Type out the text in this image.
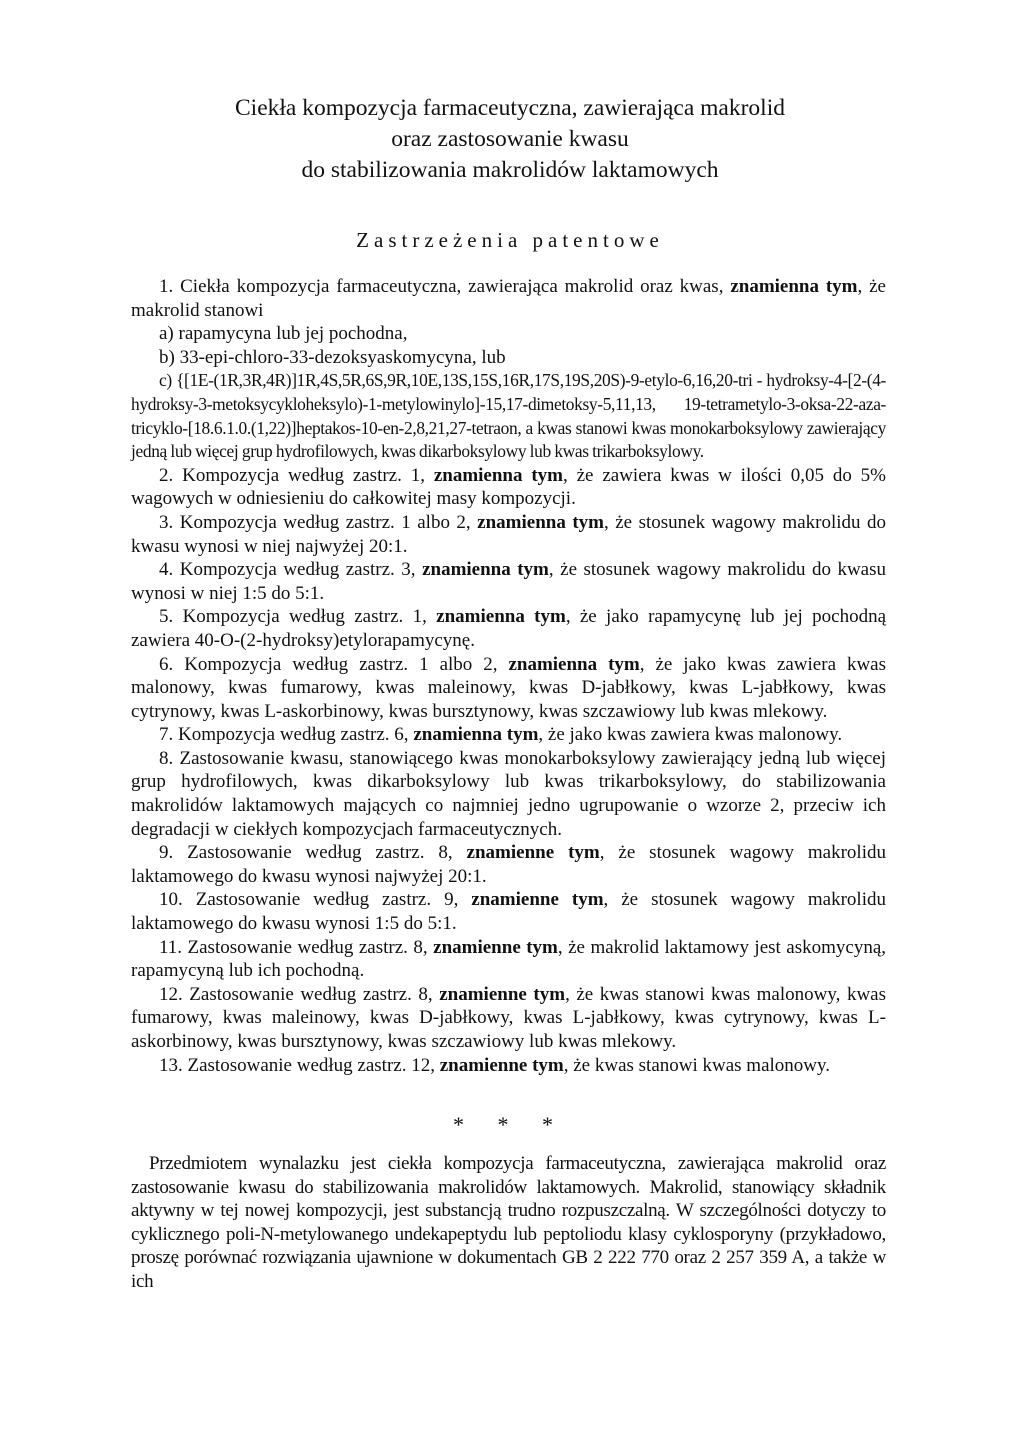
Ciekła kompozycja farmaceutyczna, zawierająca makrolid
oraz zastosowanie kwasu
do stabilizowania makrolidów laktamowych
Zastrzeżenia patentowe

1. Ciekła kompozycja farmaceutyczna, zawierająca makrolid oraz kwas, znamienna tym, że makrolid stanowi

a) rapamycyna lub jej pochodna,

b) 33-epi-chloro-33-dezoksyaskomycyna, lub

c) {[1E-(1R,3R,4R)]1R,4S,5R,6S,9R,10E,13S,15S,16R,17S,19S,20S)-9-etylo-6,16,20-tri - hydroksy-4-[2-(4-hydroksy-3-metoksycykloheksylo)-1-metylowinylo]-15,17-dimetoksy-5,11,13, 19-tetrametylo-3-oksa-22-aza-tricyklo-[18.6.1.0.(1,22)]heptakos-10-en-2,8,21,27-tetraon, a kwas stanowi kwas monokarboksylowy zawierający jedną lub więcej grup hydrofilowych, kwas dikarboksylowy lub kwas trikarboksylowy.

2. Kompozycja według zastrz. 1, znamienna tym, że zawiera kwas w ilości 0,05 do 5% wagowych w odniesieniu do całkowitej masy kompozycji.

3. Kompozycja według zastrz. 1 albo 2, znamienna tym, że stosunek wagowy makrolidu do kwasu wynosi w niej najwyżej 20:1.

4. Kompozycja według zastrz. 3, znamienna tym, że stosunek wagowy makrolidu do kwasu wynosi w niej 1:5 do 5:1.

5. Kompozycja według zastrz. 1, znamienna tym, że jako rapamycynę lub jej pochodną zawiera 40-O-(2-hydroksy)etylorapamycynę.

6. Kompozycja według zastrz. 1 albo 2, znamienna tym, że jako kwas zawiera kwas malonowy, kwas fumarowy, kwas maleinowy, kwas D-jabłkowy, kwas L-jabłkowy, kwas cytrynowy, kwas L-askorbinowy, kwas bursztynowy, kwas szczawiowy lub kwas mlekowy.

7. Kompozycja według zastrz. 6, znamienna tym, że jako kwas zawiera kwas malonowy.

8. Zastosowanie kwasu, stanowiącego kwas monokarboksylowy zawierający jedną lub więcej grup hydrofilowych, kwas dikarboksylowy lub kwas trikarboksylowy, do stabilizowania makrolidów laktamowych mających co najmniej jedno ugrupowanie o wzorze 2, przeciw ich degradacji w ciekłych kompozycjach farmaceutycznych.

9. Zastosowanie według zastrz. 8, znamienne tym, że stosunek wagowy makrolidu laktamowego do kwasu wynosi najwyżej 20:1.

10. Zastosowanie według zastrz. 9, znamienne tym, że stosunek wagowy makrolidu laktamowego do kwasu wynosi 1:5 do 5:1.

11. Zastosowanie według zastrz. 8, znamienne tym, że makrolid laktamowy jest askomycyną, rapamycyną lub ich pochodną.

12. Zastosowanie według zastrz. 8, znamienne tym, że kwas stanowi kwas malonowy, kwas fumarowy, kwas maleinowy, kwas D-jabłkowy, kwas L-jabłkowy, kwas cytrynowy, kwas L-askorbinowy, kwas bursztynowy, kwas szczawiowy lub kwas mlekowy.

13. Zastosowanie według zastrz. 12, znamienne tym, że kwas stanowi kwas malonowy.

* * *

Przedmiotem wynalazku jest ciekła kompozycja farmaceutyczna, zawierająca makrolid oraz zastosowanie kwasu do stabilizowania makrolidów laktamowych. Makrolid, stanowiący składnik aktywny w tej nowej kompozycji, jest substancją trudno rozpuszczalną. W szczególności dotyczy to cyklicznego poli-N-metylowanego undekapeptydu lub peptoliodu klasy cyklosporyny (przykładowo, proszę porównać rozwiązania ujawnione w dokumentach GB 2 222 770 oraz 2 257 359 A, a także w ich
